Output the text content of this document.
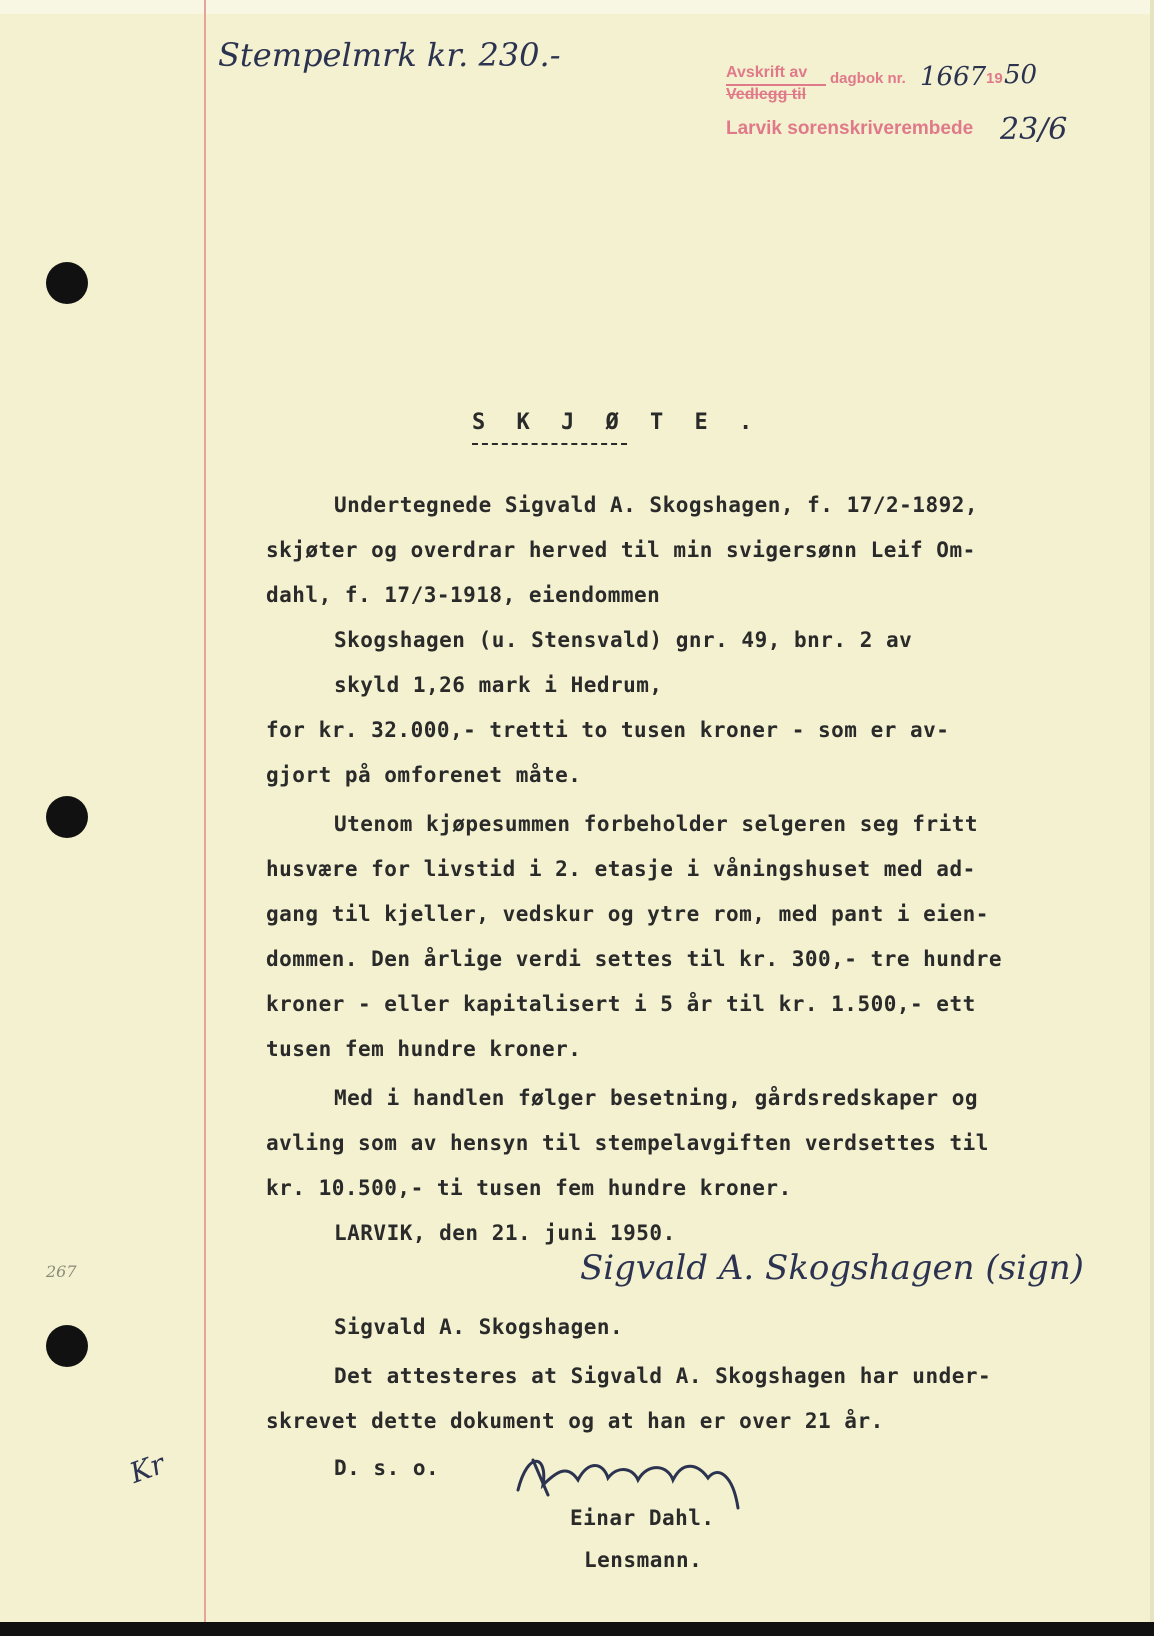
Stempelmrk kr. 230.-	Avskrift av
Vedlegg til
dagbok nr. 1667 19 50
Larvik sorenskriverembede 23/6
S K J Ø T E .
Undertegnede Sigvald A. Skogshagen, f. 17/2-1892,
skjøter og overdrar herved til min svigersønn Leif Om-
dahl, f. 17/3-1918, eiendommen
Skogshagen (u. Stensvald) gnr. 49, bnr. 2 av
skyld 1,26 mark i Hedrum,
for kr. 32.000,- tretti to tusen kroner - som er av-
gjort på omforenet måte.
Utenom kjøpesummen forbeholder selgeren seg fritt
husvære for livstid i 2. etasje i våningshuset med ad-
gang til kjeller, vedskur og ytre rom, med pant i eien-
dommen. Den årlige verdi settes til kr. 300,- tre hundre
kroner - eller kapitalisert i 5 år til kr. 1.500,- ett
tusen fem hundre kroner.
Med i handlen følger besetning, gårdsredskaper og
avling som av hensyn til stempelavgiften verdsettes til
kr. 10.500,- ti tusen fem hundre kroner.
LARVIK, den 21. juni 1950.
Sigvald A. Skogshagen (sign)
267
Sigvald A. Skogshagen.
Det attesteres at Sigvald A. Skogshagen har under-
skrevet dette dokument og at han er over 21 år.
D. s. o.
Kr
Einar Dahl.
Lensmann.
